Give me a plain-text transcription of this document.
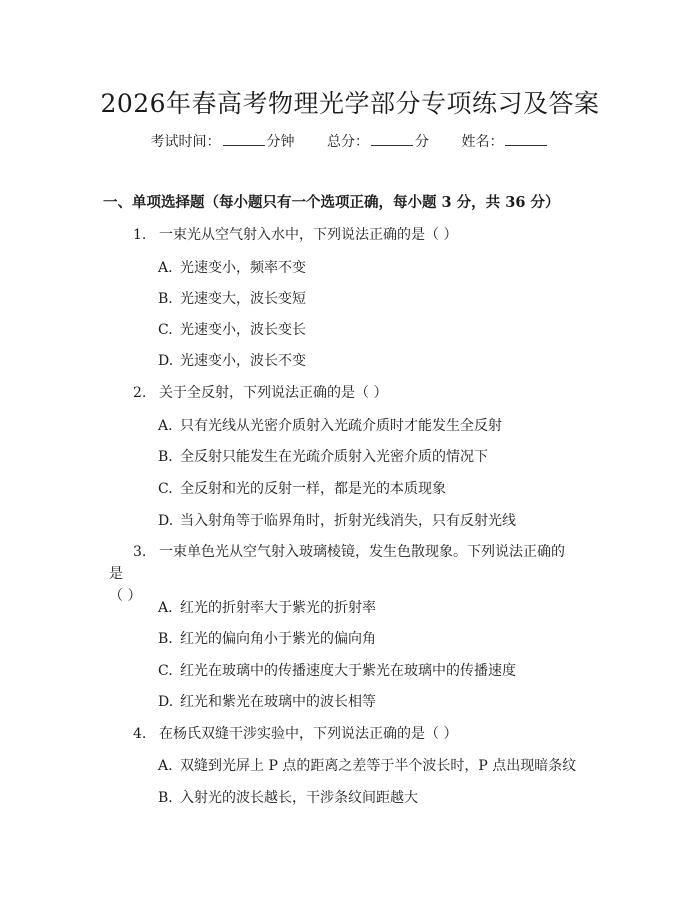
2026年春高考物理光学部分专项练习及答案
考试时间：	分钟 总分：	分 姓名：
一、单项选择题（每小题只有一个选项正确，每小题 3 分，共 36 分）
1. 一束光从空气射入水中，下列说法正确的是（ ）
A. 光速变小，频率不变
B. 光速变大，波长变短
C. 光速变小，波长变长
D. 光速变小，波长不变
2. 关于全反射，下列说法正确的是（ ）
A. 只有光线从光密介质射入光疏介质时才能发生全反射
B. 全反射只能发生在光疏介质射入光密介质的情况下
C. 全反射和光的反射一样，都是光的本质现象
D. 当入射角等于临界角时，折射光线消失，只有反射光线
3. 一束单色光从空气射入玻璃棱镜，发生色散现象。下列说法正确的是
（ ）
A. 红光的折射率大于紫光的折射率
B. 红光的偏向角小于紫光的偏向角
C. 红光在玻璃中的传播速度大于紫光在玻璃中的传播速度
D. 红光和紫光在玻璃中的波长相等
4. 在杨氏双缝干涉实验中，下列说法正确的是（ ）
A. 双缝到光屏上 P 点的距离之差等于半个波长时，P 点出现暗条纹
B. 入射光的波长越长，干涉条纹间距越大
